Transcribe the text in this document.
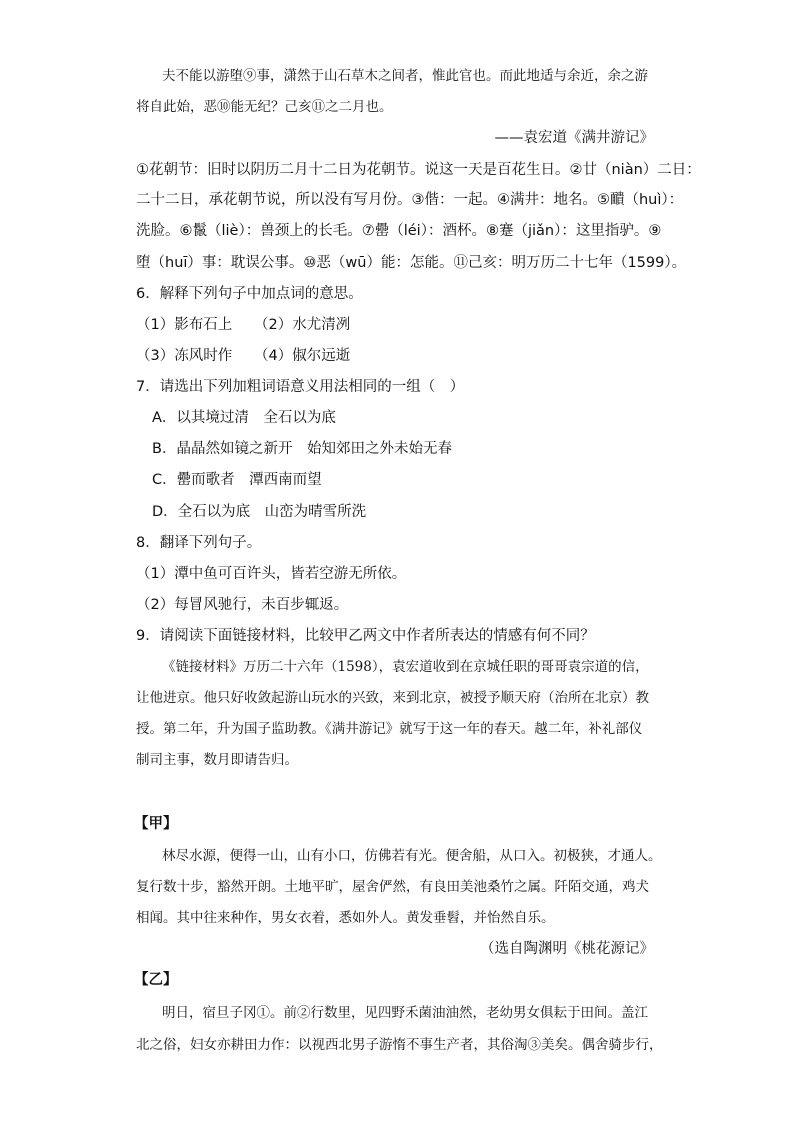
夫不能以游堕⑨事，潇然于山石草木之间者，惟此官也。而此地适与余近，余之游
将自此始，恶⑩能无纪？己亥⑪之二月也。
——袁宏道《满井游记》
①花朝节：旧时以阴历二月十二日为花朝节。说这一天是百花生日。②廿（niàn）二日：
二十二日，承花朝节说，所以没有写月份。③偕：一起。④满井：地名。⑤靧（huì）：
洗脸。⑥鬣（liè）：兽颈上的长毛。⑦罍（léi）：酒杯。⑧蹇（jiǎn）：这里指驴。⑨
堕（huī）事：耽误公事。⑩恶（wū）能：怎能。⑪己亥：明万历二十七年（1599）。
6．解释下列句子中加点词的意思。
（1）影布石上　　（2）水尤清冽
（3）冻风时作　　（4）俶尔远逝
7．请选出下列加粗词语意义用法相同的一组（　）
A．以其境过清　全石以为底
B．晶晶然如镜之新开　始知郊田之外未始无春
C．罍而歌者　潭西南而望
D．全石以为底　山峦为晴雪所洗
8．翻译下列句子。
（1）潭中鱼可百许头，皆若空游无所依。
（2）每冒风驰行，未百步辄返。
9．请阅读下面链接材料，比较甲乙两文中作者所表达的情感有何不同？
《链接材料》万历二十六年（1598），袁宏道收到在京城任职的哥哥袁宗道的信，
让他进京。他只好收敛起游山玩水的兴致，来到北京，被授予顺天府（治所在北京）教
授。第二年，升为国子监助教。《满井游记》就写于这一年的春天。越二年，补礼部仪
制司主事，数月即请告归。
【甲】
林尽水源，便得一山，山有小口，仿佛若有光。便舍船，从口入。初极狭，才通人。
复行数十步，豁然开朗。土地平旷，屋舍俨然，有良田美池桑竹之属。阡陌交通，鸡犬
相闻。其中往来种作，男女衣着，悉如外人。黄发垂髫，并怡然自乐。
（选自陶渊明《桃花源记》
【乙】
明日，宿旦子冈①。前②行数里，见四野禾菌油油然，老幼男女俱耘于田间。盖江
北之俗，妇女亦耕田力作：以视西北男子游惰不事生产者，其俗淘③美矣。偶舍骑步行，
